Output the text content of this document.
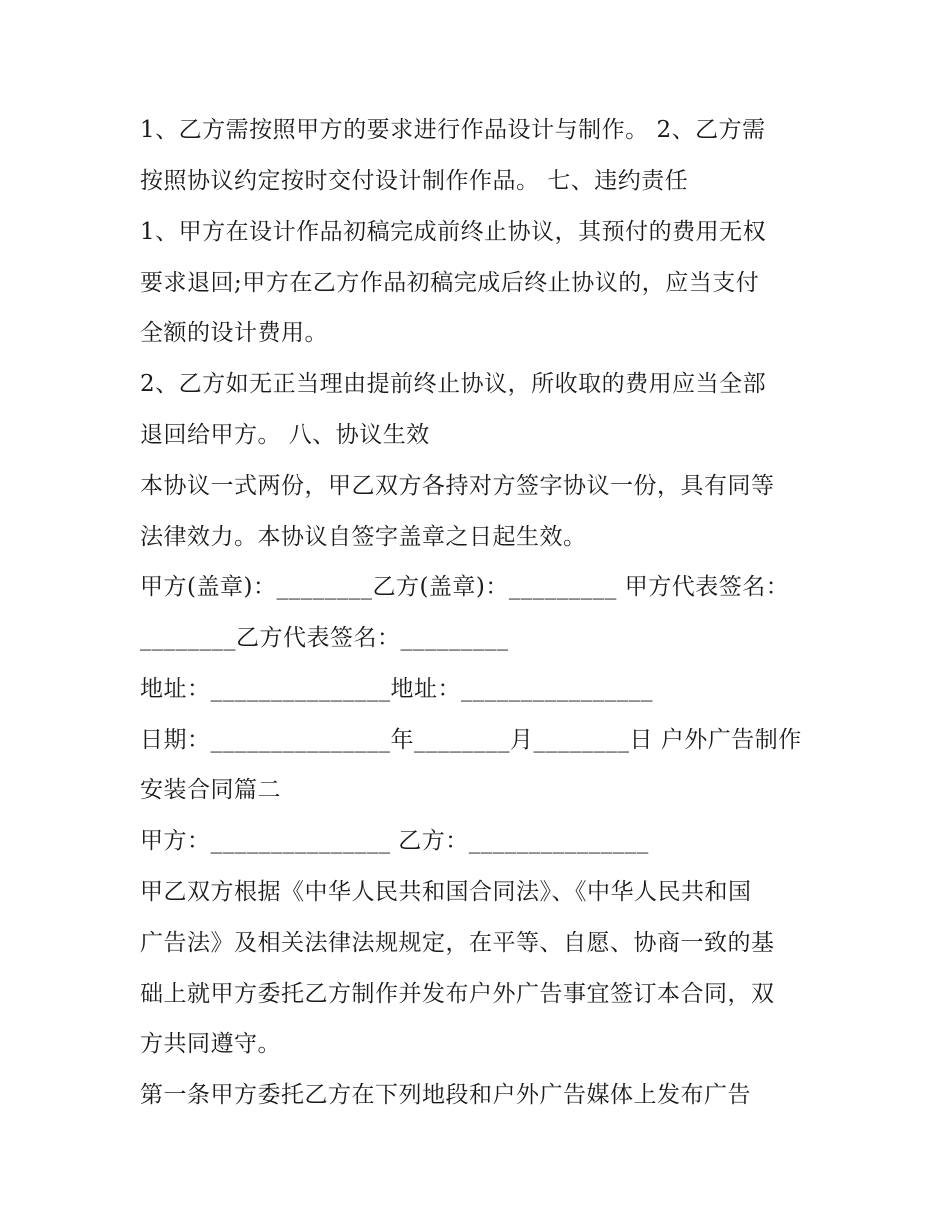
1、乙方需按照甲方的要求进行作品设计与制作。 2、乙方需
按照协议约定按时交付设计制作作品。 七、违约责任
1、甲方在设计作品初稿完成前终止协议，其预付的费用无权
要求退回;甲方在乙方作品初稿完成后终止协议的，应当支付
全额的设计费用。
2、乙方如无正当理由提前终止协议，所收取的费用应当全部
退回给甲方。 八、协议生效
本协议一式两份，甲乙双方各持对方签字协议一份，具有同等
法律效力。本协议自签字盖章之日起生效。
甲方(盖章)：________乙方(盖章)：_________ 甲方代表签名：
________乙方代表签名：_________
地址：_______________地址：________________
日期：_______________年________月________日 户外广告制作
安装合同篇二
甲方：_______________ 乙方：_______________
甲乙双方根据《中华人民共和国合同法》、《中华人民共和国
广告法》及相关法律法规规定，在平等、自愿、协商一致的基
础上就甲方委托乙方制作并发布户外广告事宜签订本合同，双
方共同遵守。
第一条甲方委托乙方在下列地段和户外广告媒体上发布广告
